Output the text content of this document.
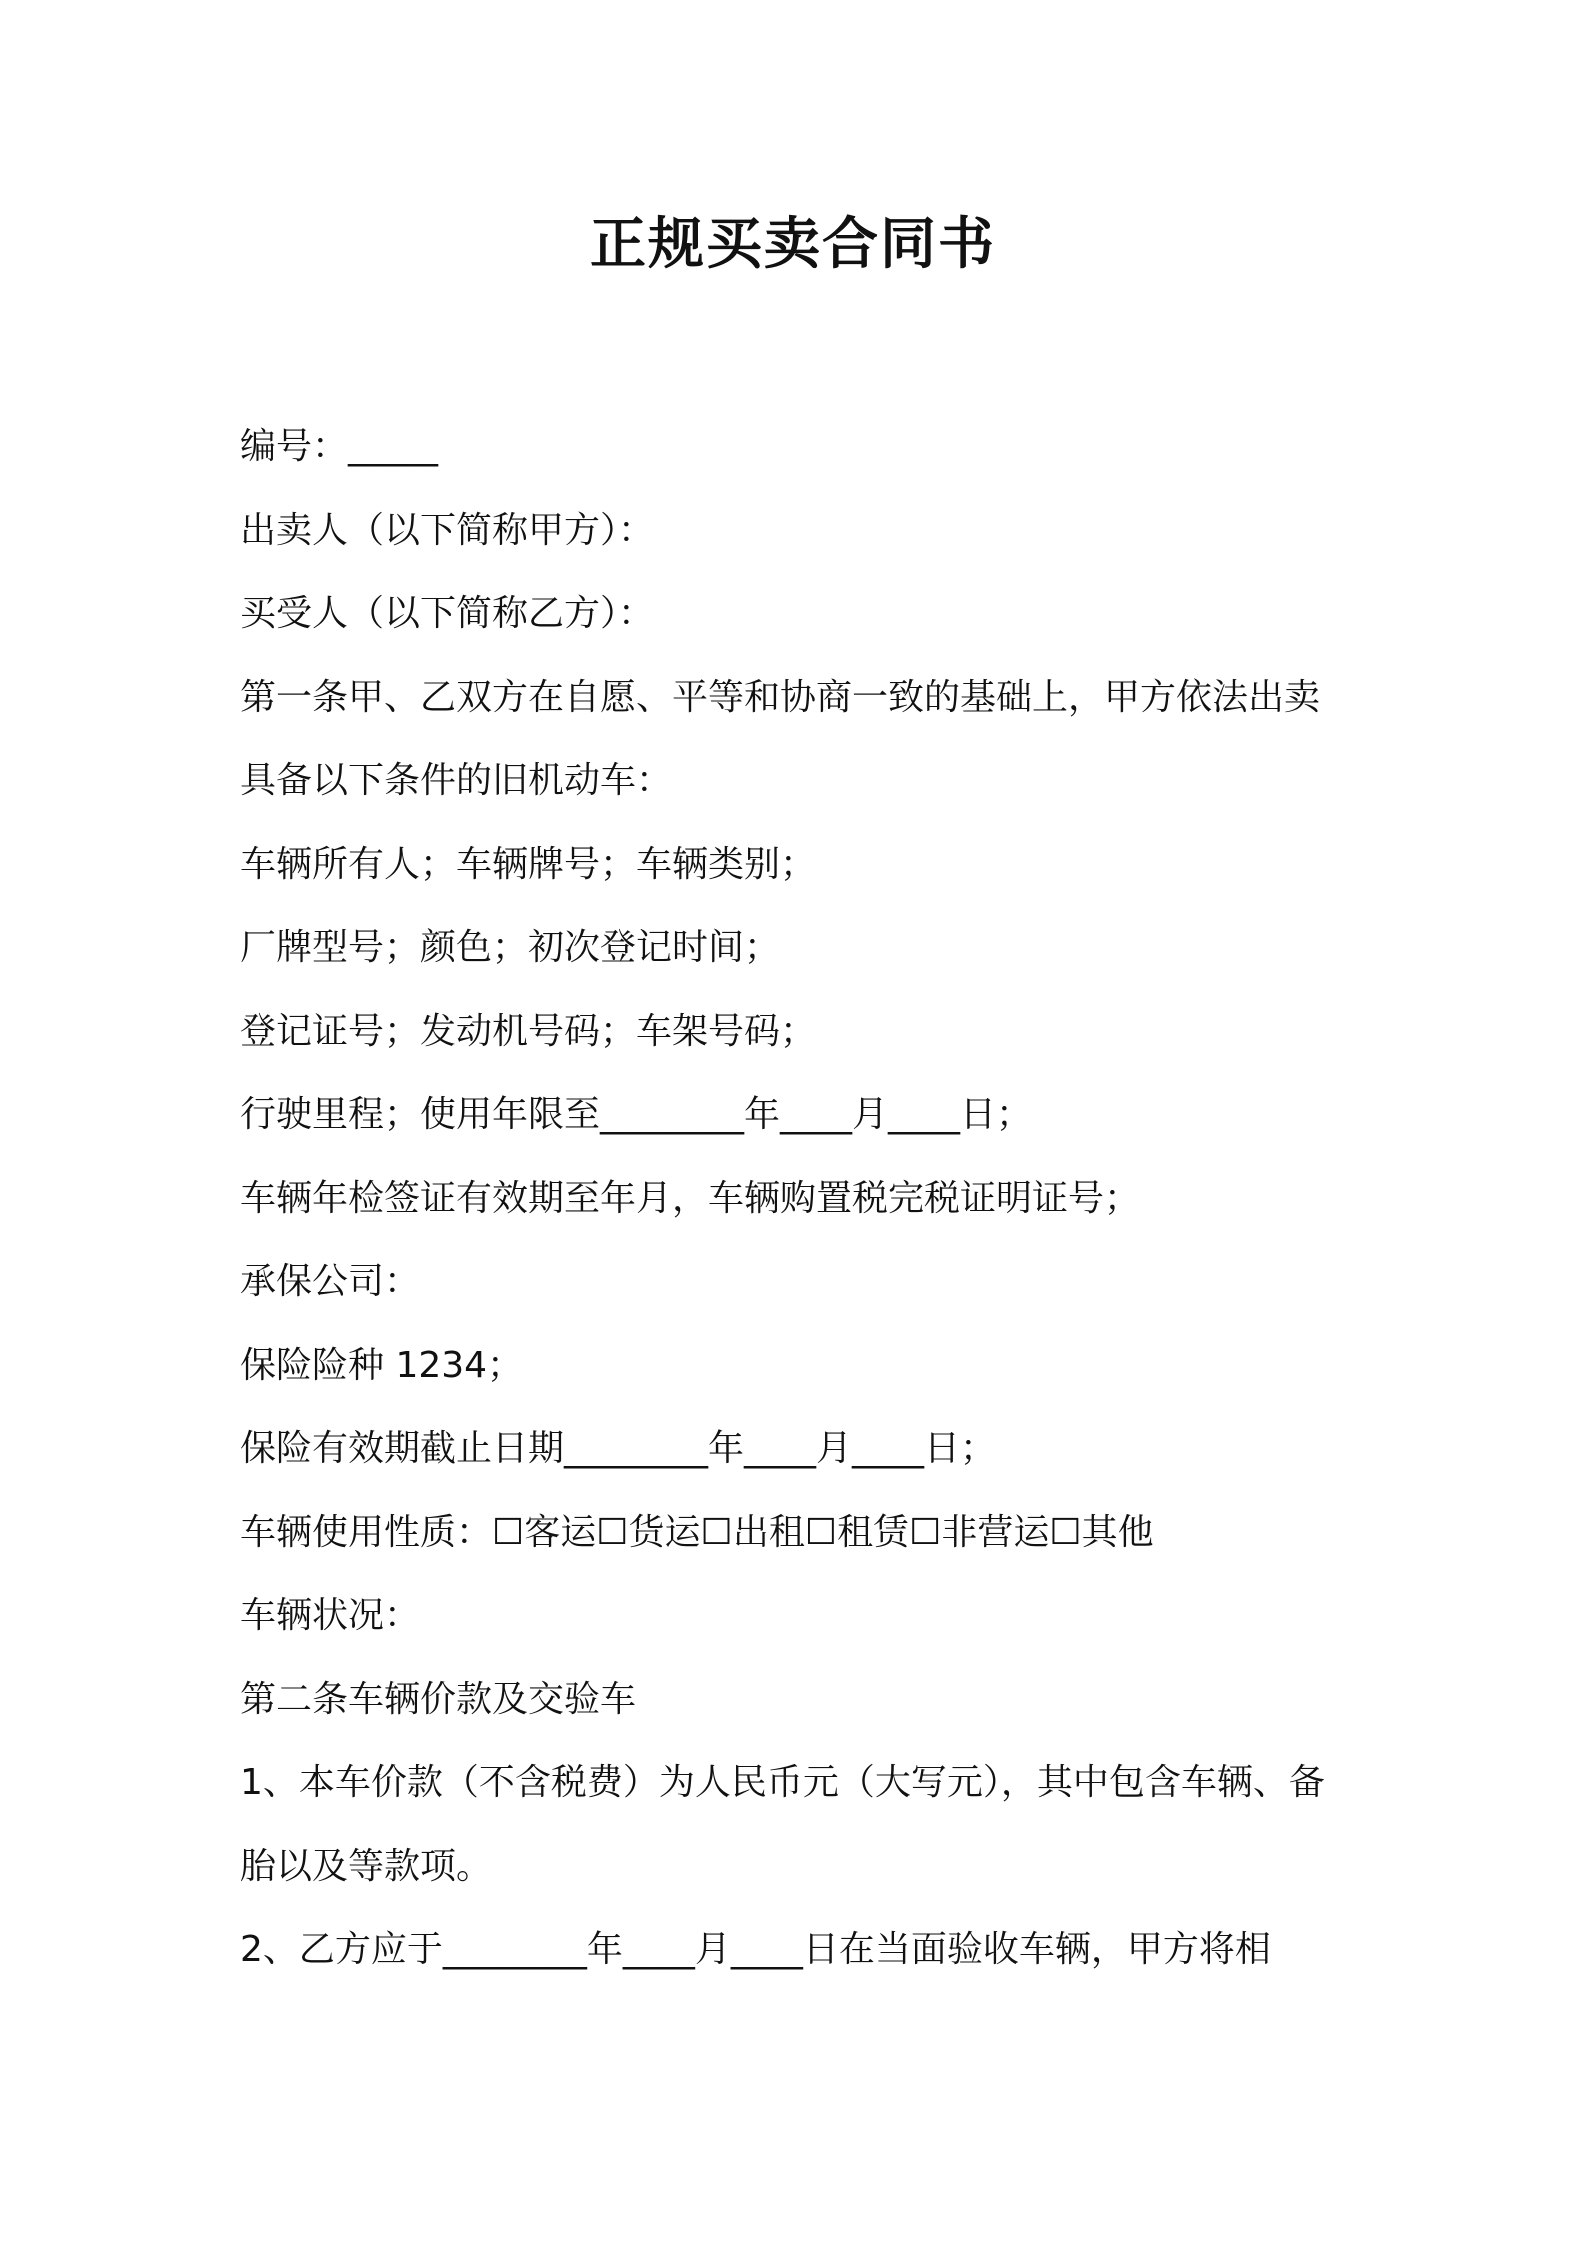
正规买卖合同书
编号：_____
出卖人（以下简称甲方）：
买受人（以下简称乙方）：
第一条甲、乙双方在自愿、平等和协商一致的基础上，甲方依法出卖
具备以下条件的旧机动车：
车辆所有人；车辆牌号；车辆类别；
厂牌型号；颜色；初次登记时间；
登记证号；发动机号码；车架号码；
行驶里程；使用年限至________年____月____日；
车辆年检签证有效期至年月，车辆购置税完税证明证号；
承保公司：
保险险种 1234；
保险有效期截止日期________年____月____日；
车辆使用性质：☐客运☐货运☐出租☐租赁☐非营运☐其他
车辆状况：
第二条车辆价款及交验车
1、本车价款（不含税费）为人民币元（大写元），其中包含车辆、备
胎以及等款项。
2、乙方应于________年____月____日在当面验收车辆，甲方将相
